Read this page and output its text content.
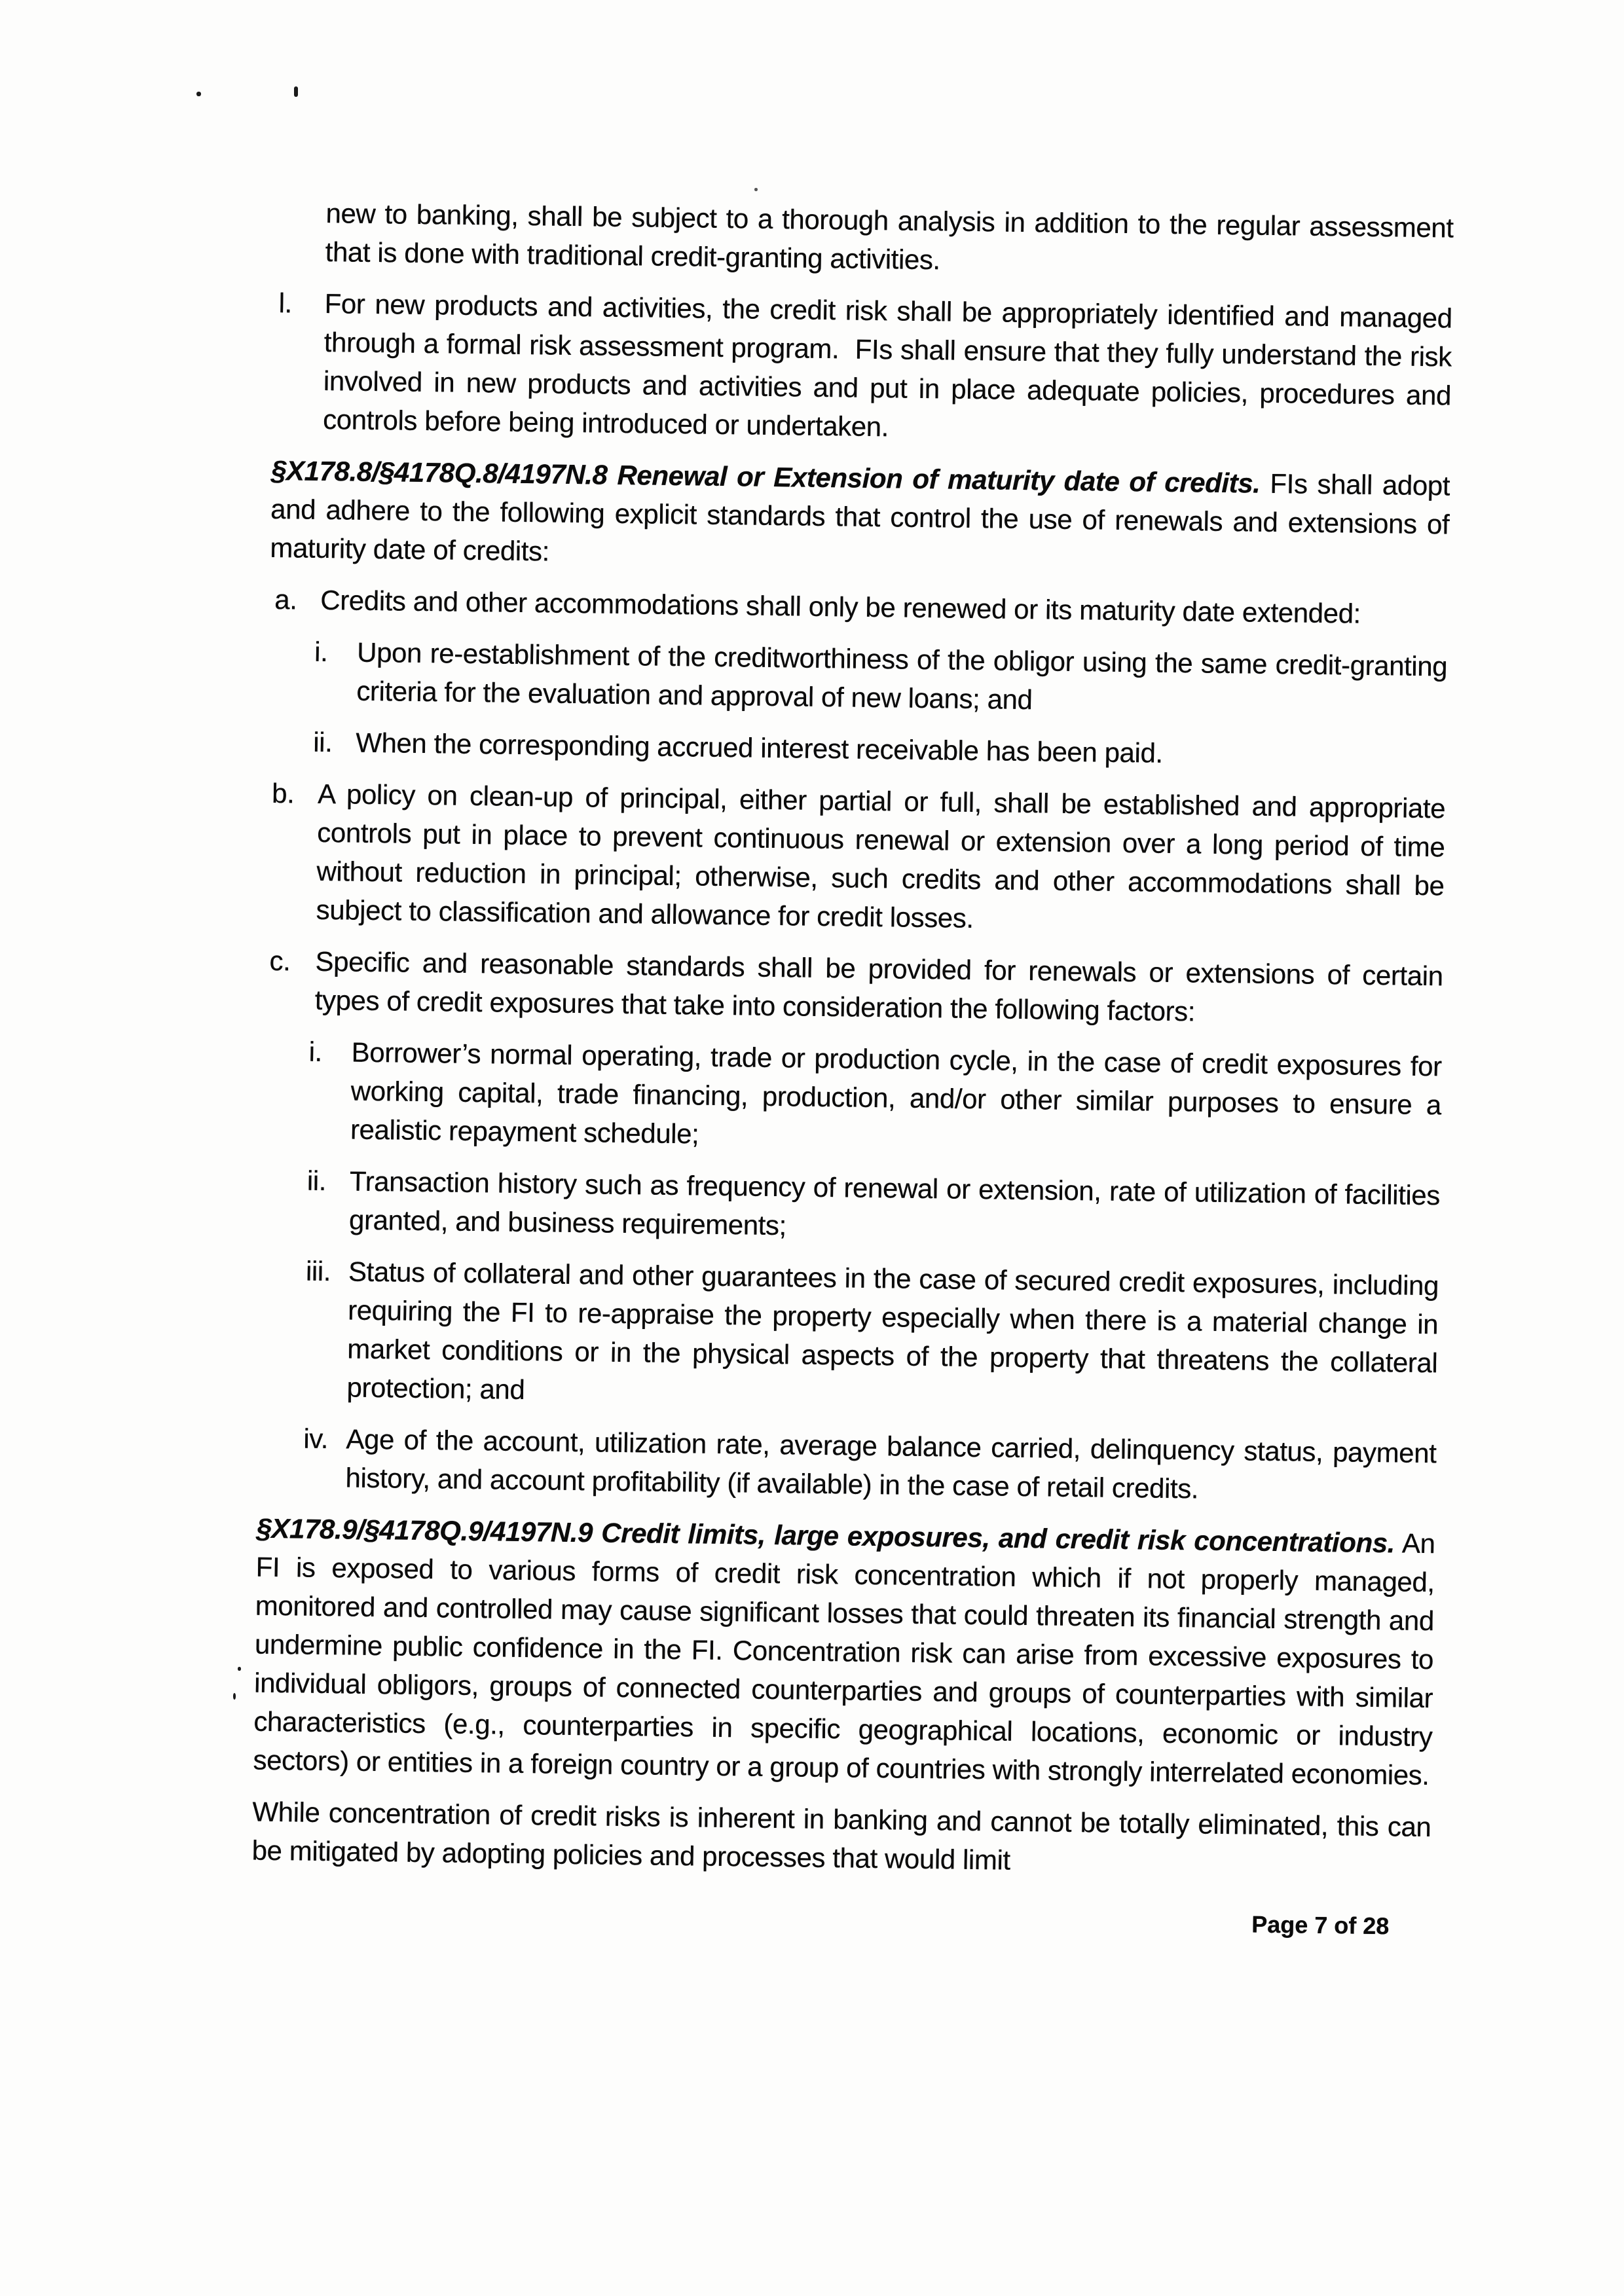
new to banking, shall be subject to a thorough analysis in addition to the regular assessment that is done with traditional credit-granting activities.

l. For new products and activities, the credit risk shall be appropriately identified and managed through a formal risk assessment program.  FIs shall ensure that they fully understand the risk involved in new products and activities and put in place adequate policies, procedures and controls before being introduced or undertaken.

§X178.8/§4178Q.8/4197N.8 Renewal or Extension of maturity date of credits. FIs shall adopt and adhere to the following explicit standards that control the use of renewals and extensions of maturity date of credits:

a. Credits and other accommodations shall only be renewed or its maturity date extended:
i. Upon re-establishment of the creditworthiness of the obligor using the same credit-granting criteria for the evaluation and approval of new loans; and
ii. When the corresponding accrued interest receivable has been paid.
b. A policy on clean-up of principal, either partial or full, shall be established and appropriate controls put in place to prevent continuous renewal or extension over a long period of time without reduction in principal; otherwise, such credits and other accommodations shall be subject to classification and allowance for credit losses.
c. Specific and reasonable standards shall be provided for renewals or extensions of certain types of credit exposures that take into consideration the following factors:
i. Borrower’s normal operating, trade or production cycle, in the case of credit exposures for working capital, trade financing, production, and/or other similar purposes to ensure a realistic repayment schedule;
ii. Transaction history such as frequency of renewal or extension, rate of utilization of facilities granted, and business requirements;
iii. Status of collateral and other guarantees in the case of secured credit exposures, including requiring the FI to re-appraise the property especially when there is a material change in market conditions or in the physical aspects of the property that threatens the collateral protection; and
iv. Age of the account, utilization rate, average balance carried, delinquency status, payment history, and account profitability (if available) in the case of retail credits.

§X178.9/§4178Q.9/4197N.9 Credit limits, large exposures, and credit risk concentrations. An FI is exposed to various forms of credit risk concentration which if not properly managed, monitored and controlled may cause significant losses that could threaten its financial strength and undermine public confidence in the FI. Concentration risk can arise from excessive exposures to individual obligors, groups of connected counterparties and groups of counterparties with similar characteristics (e.g., counterparties in specific geographical locations, economic or industry sectors) or entities in a foreign country or a group of countries with strongly interrelated economies.

While concentration of credit risks is inherent in banking and cannot be totally eliminated, this can be mitigated by adopting policies and processes that would limit

Page 7 of 28
